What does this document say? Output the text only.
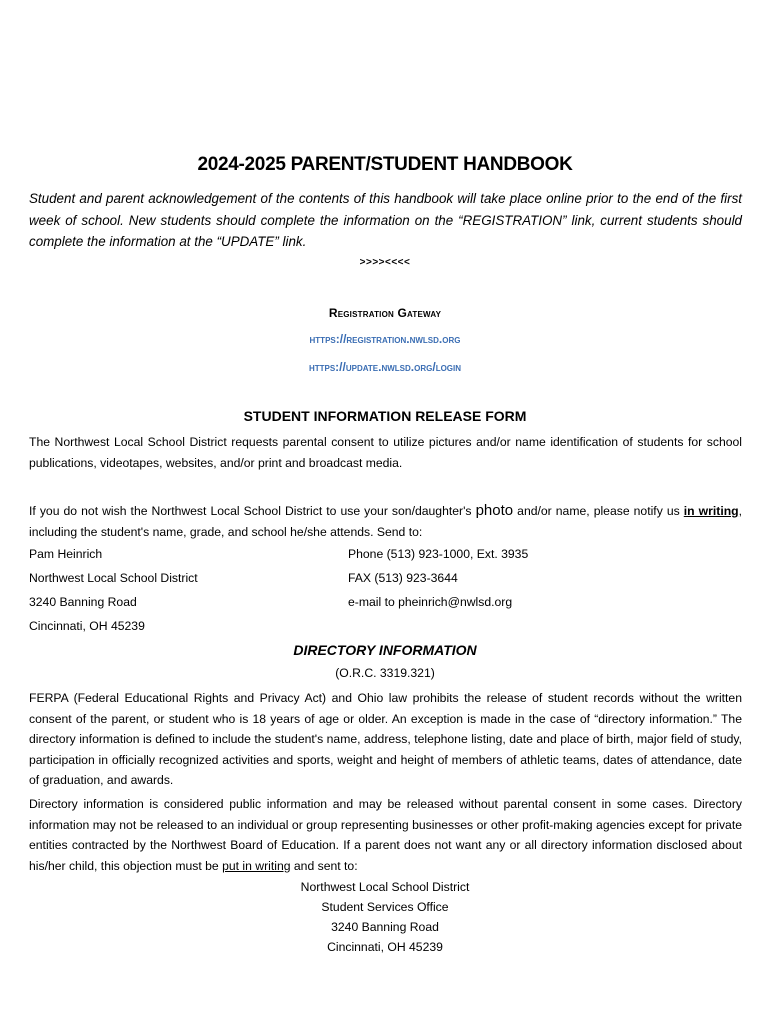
2024-2025 PARENT/STUDENT HANDBOOK
Student and parent acknowledgement of the contents of this handbook will take place online prior to the end of the first week of school. New students should complete the information on the “REGISTRATION” link, current students should complete the information at the “UPDATE” link.
>>>><<<<
Registration Gateway
https://registration.nwlsd.org
https://update.nwlsd.org/login
STUDENT INFORMATION RELEASE FORM
The Northwest Local School District requests parental consent to utilize pictures and/or name identification of students for school publications, videotapes, websites, and/or print and broadcast media.
If you do not wish the Northwest Local School District to use your son/daughter's photo and/or name, please notify us in writing, including the student's name, grade, and school he/she attends. Send to:
Pam Heinrich	Phone (513) 923-1000, Ext. 3935
Northwest Local School District	FAX (513) 923-3644
3240 Banning Road	e-mail to pheinrich@nwlsd.org
Cincinnati, OH 45239
DIRECTORY INFORMATION
(O.R.C. 3319.321)
FERPA (Federal Educational Rights and Privacy Act) and Ohio law prohibits the release of student records without the written consent of the parent, or student who is 18 years of age or older. An exception is made in the case of “directory information.” The directory information is defined to include the student's name, address, telephone listing, date and place of birth, major field of study, participation in officially recognized activities and sports, weight and height of members of athletic teams, dates of attendance, date of graduation, and awards.
Directory information is considered public information and may be released without parental consent in some cases. Directory information may not be released to an individual or group representing businesses or other profit-making agencies except for private entities contracted by the Northwest Board of Education. If a parent does not want any or all directory information disclosed about his/her child, this objection must be put in writing and sent to:
Northwest Local School District
Student Services Office
3240 Banning Road
Cincinnati, OH 45239
